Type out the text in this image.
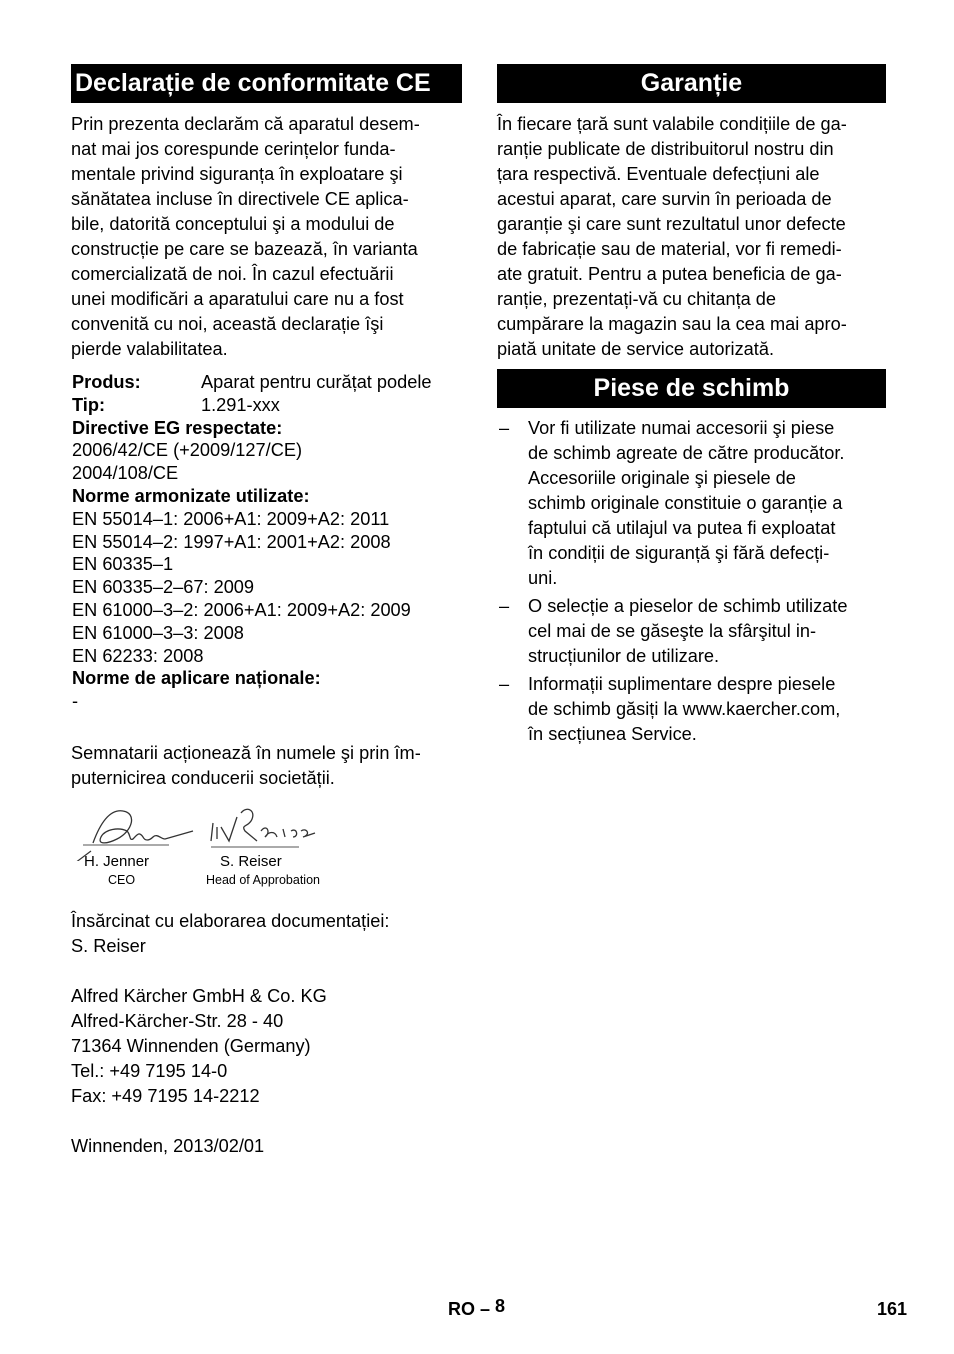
Declarație de conformitate CE

Prin prezenta declarăm că aparatul desem-

nat mai jos corespunde cerințelor funda-

mentale privind siguranța în exploatare şi

sănătatea incluse în directivele CE aplica-

bile, datorită conceptului şi a modului de

construcție pe care se bazează, în varianta

comercializată de noi. În cazul efectuării

unei modificări a aparatului care nu a fost

convenită cu noi, această declarație îşi

pierde valabilitatea.

Produs:	Aparat pentru curățat podele
Tip:	1.291-xxx
Directive EG respectate:
2006/42/CE (+2009/127/CE)
2004/108/CE
Norme armonizate utilizate:
EN 55014–1: 2006+A1: 2009+A2: 2011
EN 55014–2: 1997+A1: 2001+A2: 2008
EN 60335–1
EN 60335–2–67: 2009
EN 61000–3–2: 2006+A1: 2009+A2: 2009
EN 61000–3–3: 2008
EN 62233: 2008
Norme de aplicare naționale:
-

Semnatarii acționează în numele şi prin îm-

puternicirea conducerii societății.

H. Jenner
CEO
S. Reiser
Head of Approbation

Însărcinat cu elaborarea documentației:

S. Reiser

Alfred Kärcher GmbH & Co. KG

Alfred-Kärcher-Str. 28 - 40

71364 Winnenden (Germany)

Tel.: +49 7195 14-0

Fax: +49 7195 14-2212

Winnenden, 2013/02/01

Garanție

În fiecare țară sunt valabile condițiile de ga-

ranție publicate de distribuitorul nostru din

țara respectivă. Eventuale defecțiuni ale

acestui aparat, care survin în perioada de

garanție şi care sunt rezultatul unor defecte

de fabricație sau de material, vor fi remedi-

ate gratuit. Pentru a putea beneficia de ga-

ranție, prezentați-vă cu chitanța de

cumpărare la magazin sau la cea mai apro-

piată unitate de service autorizată.

Piese de schimb
–	Vor fi utilizate numai accesorii şi piese

de schimb agreate de către producător.

Accesoriile originale şi piesele de

schimb originale constituie o garanție a

faptului că utilajul va putea fi exploatat

în condiții de siguranță şi fără defecți-

uni.

–	O selecție a pieselor de schimb utilizate

cel mai de se găseşte la sfârşitul in-

strucțiunilor de utilizare.

–	Informații suplimentare despre piesele

de schimb găsiți la www.kaercher.com,

în secțiunea Service.

RO – 8	161
